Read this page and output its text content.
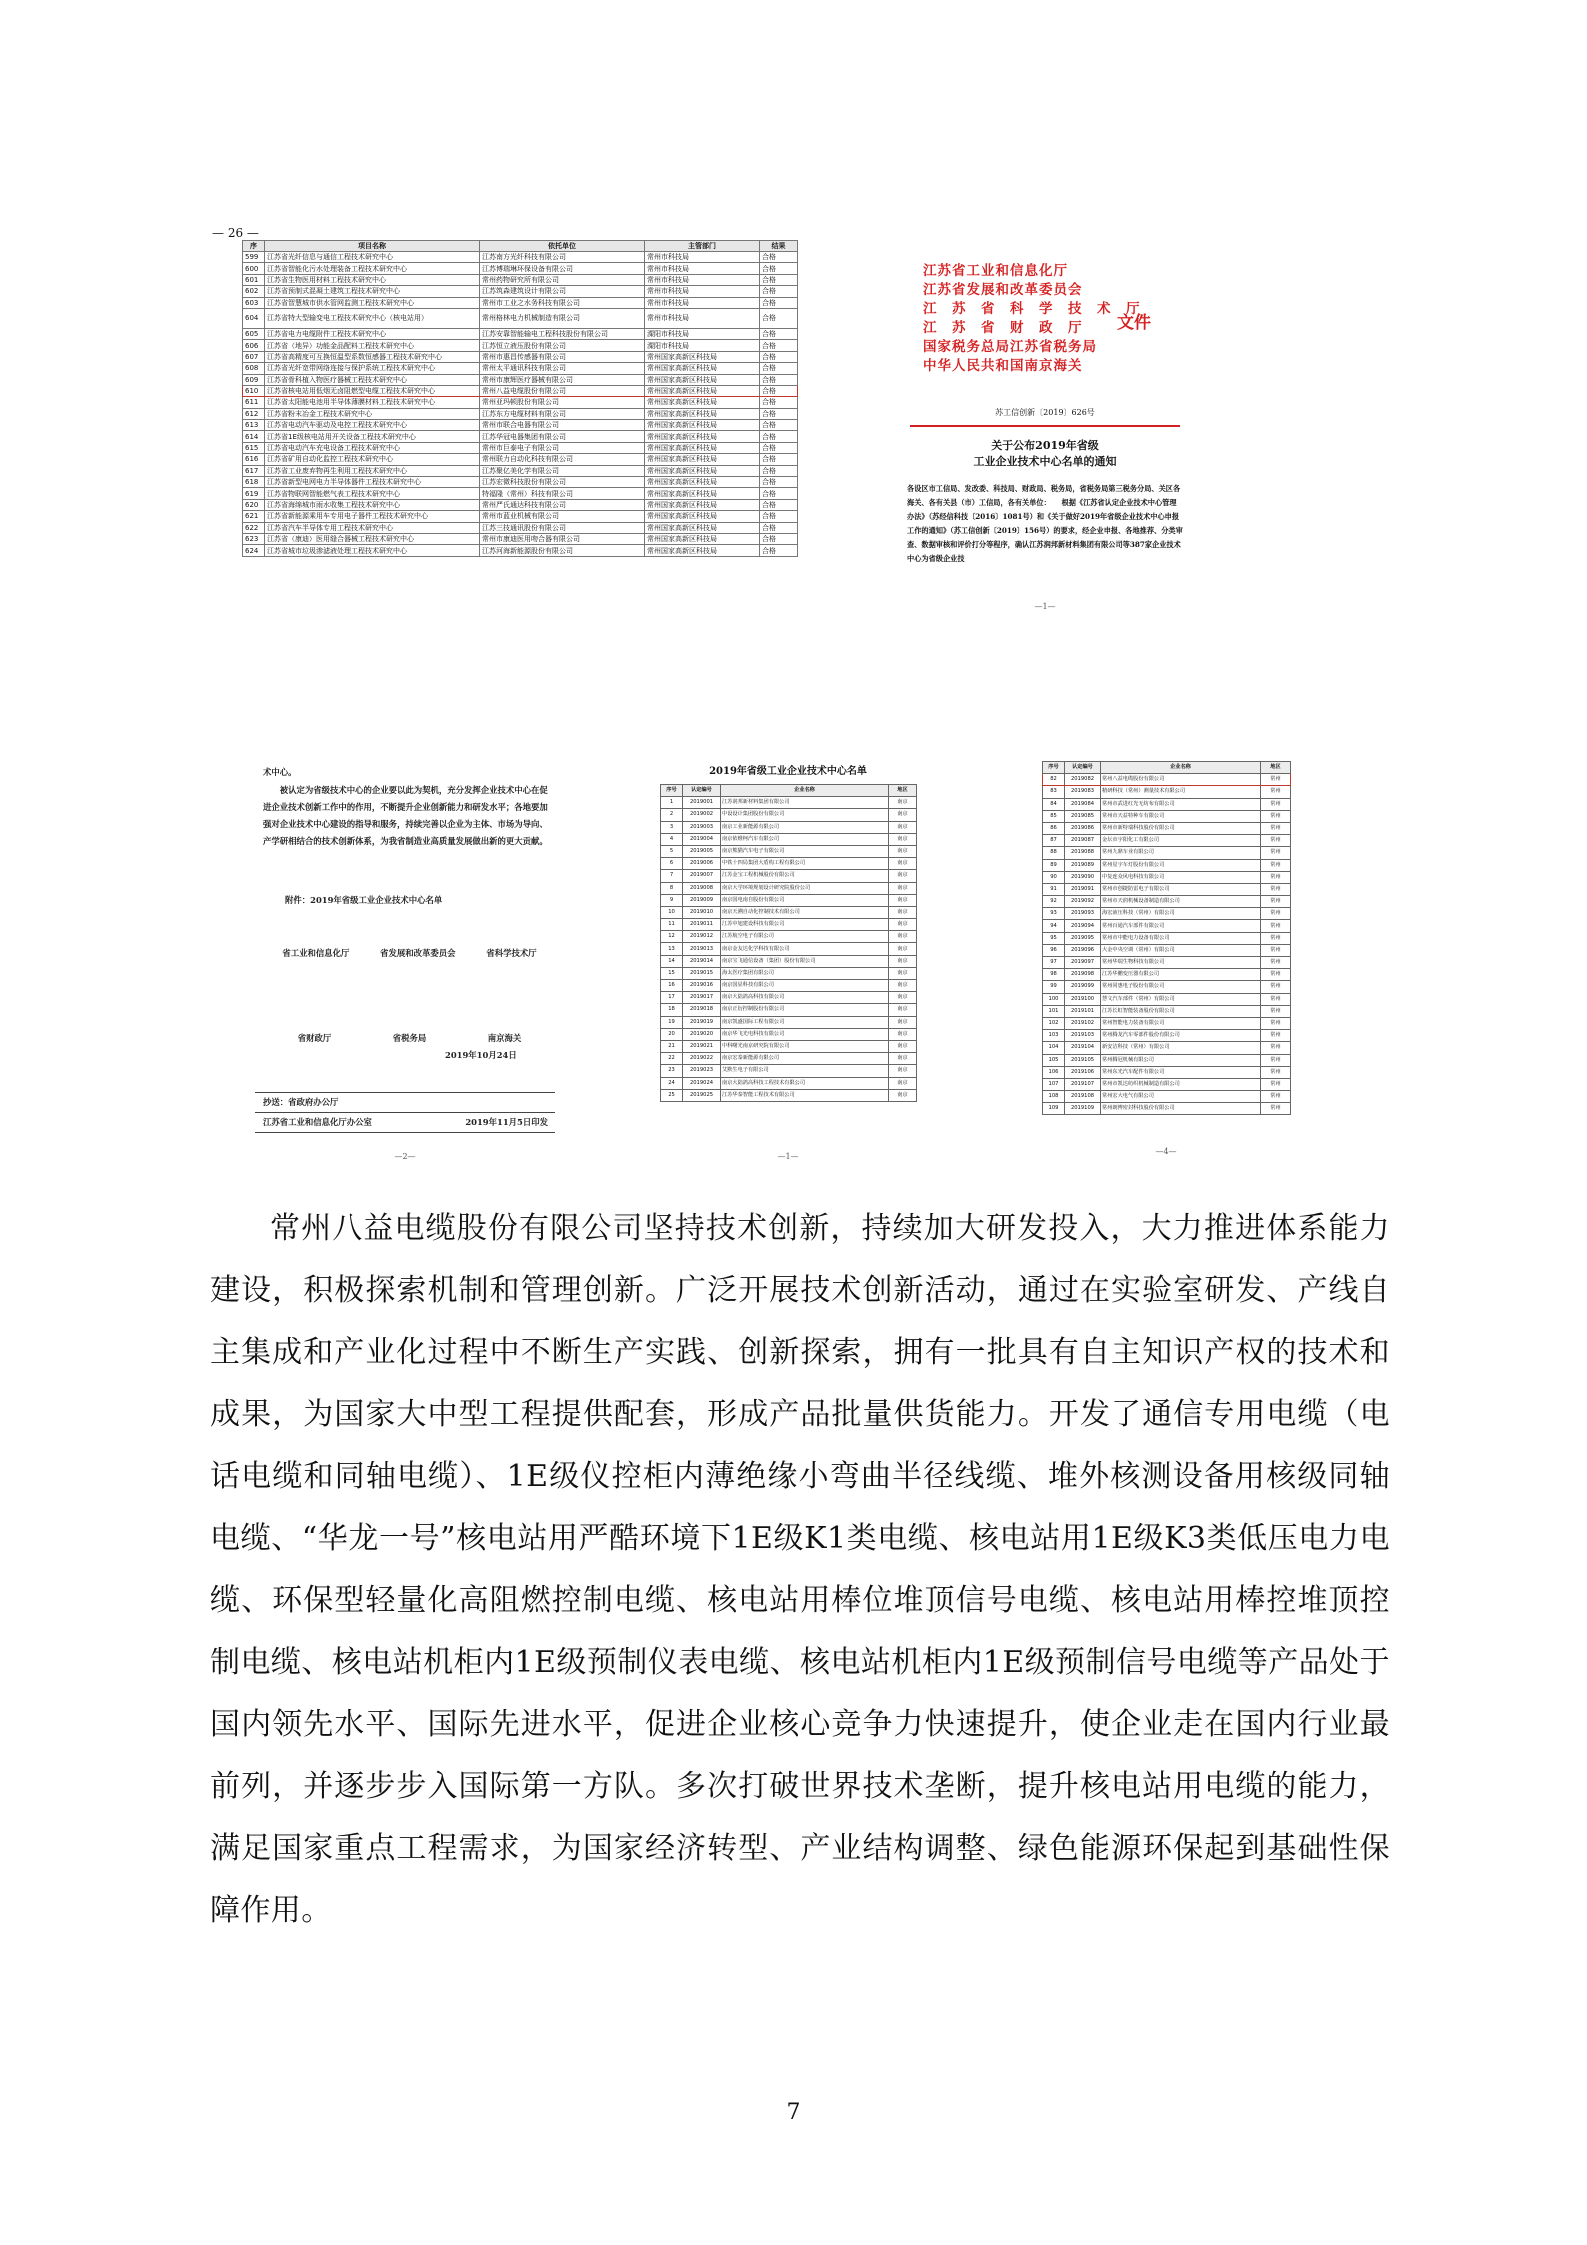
— 26 —
序	项目名称	依托单位	主管部门	结果
599	江苏省光纤信息与通信工程技术研究中心	江苏南方光纤科技有限公司	常州市科技局	合格
600	江苏省智能化污水处理装备工程技术研究中心	江苏博瑞琳环保设备有限公司	常州市科技局	合格
601	江苏省生物医用材料工程技术研究中心	常州药物研究所有限公司	常州市科技局	合格
602	江苏省预制式混凝土建筑工程技术研究中心	江苏筑森建筑设计有限公司	常州市科技局	合格
603	江苏省智慧城市供水管网监测工程技术研究中心	常州市工业之水务科技有限公司	常州市科技局	合格
604	江苏省特大型输变电工程技术研究中心（核电站用）	常州格林电力机械制造有限公司	常州市科技局	合格
605	江苏省电力电缆附件工程技术研究中心	江苏安靠智能输电工程科技股份有限公司	溧阳市科技局	合格
606	江苏省（地异）功能金品配料工程技术研究中心	江苏恒立液压股份有限公司	溧阳市科技局	合格
607	江苏省高精度可互换恒温型系数恒感器工程技术研究中心	常州市惠昌传感器有限公司	常州国家高新区科技局	合格
608	江苏省光纤宽带网络连接与保护系统工程技术研究中心	常州太平通讯科技有限公司	常州国家高新区科技局	合格
609	江苏省骨科植入物医疗器械工程技术研究中心	常州市康辉医疗器械有限公司	常州国家高新区科技局	合格
610	江苏省核电站用低烟无卤阻燃型电缆工程技术研究中心	常州八益电缆股份有限公司	常州国家高新区科技局	合格
611	江苏省太阳能电池用半导体薄膜材料工程技术研究中心	常州亚玛顿股份有限公司	常州国家高新区科技局	合格
612	江苏省粉末冶金工程技术研究中心	江苏东方电缆材料有限公司	常州国家高新区科技局	合格
613	江苏省电动汽车驱动及电控工程技术研究中心	常州市联合电器有限公司	常州国家高新区科技局	合格
614	江苏省1E级核电站用开关设备工程技术研究中心	江苏华冠电器集团有限公司	常州国家高新区科技局	合格
615	江苏省电动汽车充电设备工程技术研究中心	常州市巨泰电子有限公司	常州国家高新区科技局	合格
616	江苏省矿用自动化监控工程技术研究中心	常州联力自动化科技有限公司	常州国家高新区科技局	合格
617	江苏省工业废弃物再生利用工程技术研究中心	江苏聚亿美化学有限公司	常州国家高新区科技局	合格
618	江苏省新型电网电力半导体器件工程技术研究中心	江苏宏微科技股份有限公司	常州国家高新区科技局	合格
619	江苏省物联网智能燃气表工程技术研究中心	特福隆（常州）科技有限公司	常州国家高新区科技局	合格
620	江苏省海绵城市雨水收集工程技术研究中心	常州严氏通达科技有限公司	常州国家高新区科技局	合格
621	江苏省新能源乘用车专用电子器件工程技术研究中心	常州市蓝业机械有限公司	常州国家高新区科技局	合格
622	江苏省汽车半导体专用工程技术研究中心	江苏三技通讯股份有限公司	常州国家高新区科技局	合格
623	江苏省（康迪）医用缝合器械工程技术研究中心	常州市康迪医用吻合器有限公司	常州国家高新区科技局	合格
624	江苏省城市垃圾渗滤液处理工程技术研究中心	江苏河海新能源股份有限公司	常州国家高新区科技局	合格
江苏省工业和信息化厅
江苏省发展和改革委员会
江　苏　省　科　学　技　术　厅
江　苏　省　财　政　厅
国家税务总局江苏省税务局
中华人民共和国南京海关
文件
苏工信创新〔2019〕626号
关于公布2019年省级
工业企业技术中心名单的通知
各设区市工信局、发改委、科技局、财政局、税务局，省税务局第三税务分局、关区各海关、各有关县（市）工信局，各有关单位：　　根据《江苏省认定企业技术中心管理办法》（苏经信科技〔2016〕1081号）和《关于做好2019年省级企业技术中心申报工作的通知》（苏工信创新〔2019〕156号）的要求，经企业申报、各地推荐、分类审查、数据审核和评价打分等程序，确认江苏润邦新材料集团有限公司等387家企业技术中心为省级企业技
—1—
术中心。
　　被认定为省级技术中心的企业要以此为契机，充分发挥企业技术中心在促进企业技术创新工作中的作用，不断提升企业创新能力和研发水平；各地要加强对企业技术中心建设的指导和服务，持续完善以企业为主体、市场为导向、产学研相结合的技术创新体系，为我省制造业高质量发展做出新的更大贡献。
附件：2019年省级工业企业技术中心名单
省工业和信息化厅	省发展和改革委员会	省科学技术厅
省财政厅	省税务局	南京海关
2019年10月24日
抄送：省政府办公厅
江苏省工业和信息化厅办公室	2019年11月5日印发
—2—
2019年省级工业企业技术中心名单
序号	认定编号	企业名称	地区
1	2019001	江苏润邦新材料集团有限公司	南京
2	2019002	中设设计集团股份有限公司	南京
3	2019003	南京工业新能源有限公司	南京
4	2019004	南京依维柯汽车有限公司	南京
5	2019005	南京熊猫汽车电子有限公司	南京
6	2019006	中铁十四局集团大盾构工程有限公司	南京
7	2019007	江苏金宝工程机械股份有限公司	南京
8	2019008	南京大学环境规划设计研究院股份公司	南京
9	2019009	南京国电南自股份有限公司	南京
10	2019010	南京天溯自动化控制技术有限公司	南京
11	2019011	江苏中旭建设科技有限公司	南京
12	2019012	江苏航空电子有限公司	南京
13	2019013	南京金友达化学科技有限公司	南京
14	2019014	南京宝飞通信设备（集团）股份有限公司	南京
15	2019015	海太医疗集团有限公司	南京
16	2019016	南京国显科技有限公司	南京
17	2019017	南京大陆鸽高科技有限公司	南京
18	2019018	南京正衍控制股份有限公司	南京
19	2019019	南京凯盛国际工程有限公司	南京
20	2019020	南京华飞光电科技有限公司	南京
21	2019021	中科曙光南京研究院有限公司	南京
22	2019022	南京宏泰新能源有限公司	南京
23	2019023	艾默生电子有限公司	南京
24	2019024	南京大陆鸽高科技工程技术有限公司	南京
25	2019025	江苏华泰智能工程技术有限公司	南京
—1—
序号	认定编号	企业名称	地区
82	2019082	常州八益电缆股份有限公司	常州
83	2019083	精研科技（常州）测量技术有限公司	常州
84	2019084	常州市武进红光无纺布有限公司	常州
85	2019085	常州市天益特种车有限公司	常州
86	2019086	常州市新特瑞科技股份有限公司	常州
87	2019087	金坛市宇阳化工有限公司	常州
88	2019088	常州九鼎车业有限公司	常州
89	2019089	常州星宇车灯股份有限公司	常州
90	2019090	中复连众风电科技有限公司	常州
91	2019091	常州市创捷防雷电子有限公司	常州
92	2019092	常州市天润机械设备制造有限公司	常州
93	2019093	海宏液压科技（常州）有限公司	常州
94	2019094	常州百通汽车部件有限公司	常州
95	2019095	常州市中能电力设备有限公司	常州
96	2019096	大金中央空调（常州）有限公司	常州
97	2019097	常州华瑞生物科技有限公司	常州
98	2019098	江苏华鹏变压器有限公司	常州
99	2019099	常州同惠电子股份有限公司	常州
100	2019100	慧文汽车部件（常州）有限公司	常州
101	2019101	江苏长虹智能装备股份有限公司	常州
102	2019102	常州智能电力装备有限公司	常州
103	2019103	常州腾龙汽车零部件股份有限公司	常州
104	2019104	新安洁科技（常州）有限公司	常州
105	2019105	常州腾冠机械有限公司	常州
106	2019106	常州东光汽车配件有限公司	常州
107	2019107	常州市凯达纺织机械制造有限公司	常州
108	2019108	常州宏大电气有限公司	常州
109	2019109	常州朗博密封科技股份有限公司	常州
—4—
常州八益电缆股份有限公司坚持技术创新，持续加大研发投入，大力推进体系能力建设，积极探索机制和管理创新。广泛开展技术创新活动，通过在实验室研发、产线自主集成和产业化过程中不断生产实践、创新探索，拥有一批具有自主知识产权的技术和成果，为国家大中型工程提供配套，形成产品批量供货能力。开发了通信专用电缆（电话电缆和同轴电缆）、1E级仪控柜内薄绝缘小弯曲半径线缆、堆外核测设备用核级同轴电缆、“华龙一号”核电站用严酷环境下1E级K1类电缆、核电站用1E级K3类低压电力电缆、环保型轻量化高阻燃控制电缆、核电站用棒位堆顶信号电缆、核电站用棒控堆顶控制电缆、核电站机柜内1E级预制仪表电缆、核电站机柜内1E级预制信号电缆等产品处于国内领先水平、国际先进水平，促进企业核心竞争力快速提升，使企业走在国内行业最前列，并逐步步入国际第一方队。多次打破世界技术垄断，提升核电站用电缆的能力，满足国家重点工程需求，为国家经济转型、产业结构调整、绿色能源环保起到基础性保障作用。
7
